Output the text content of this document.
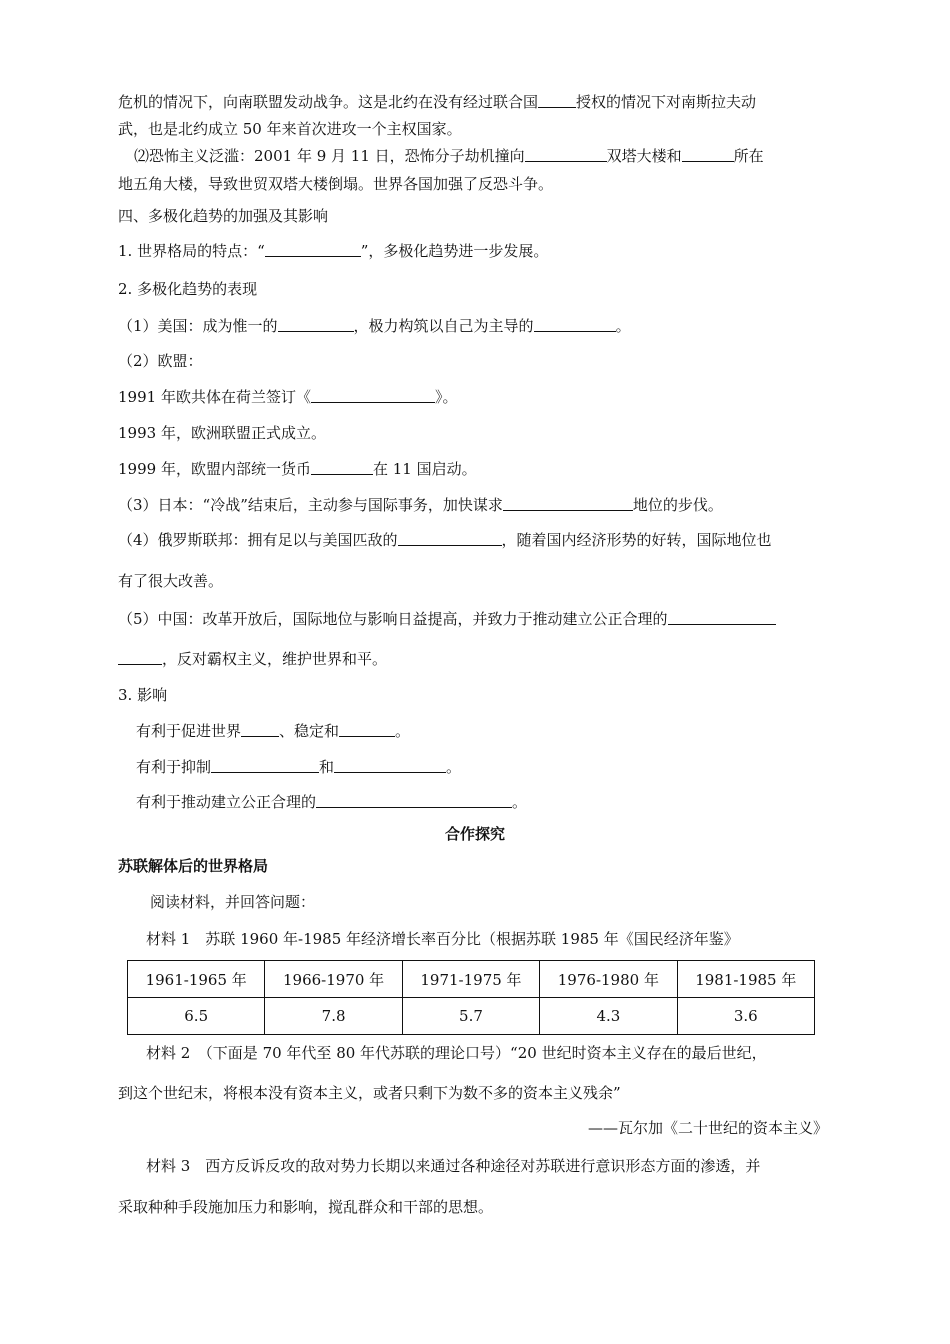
危机的情况下，向南联盟发动战争。这是北约在没有经过联合国	授权的情况下对南斯拉夫动
武，也是北约成立 50 年来首次进攻一个主权国家。
⑵恐怖主义泛滥：2001 年 9 月 11 日，恐怖分子劫机撞向	双塔大楼和	所在
地五角大楼，导致世贸双塔大楼倒塌。世界各国加强了反恐斗争。
四、多极化趋势的加强及其影响
1. 世界格局的特点：“	”，多极化趋势进一步发展。
2. 多极化趋势的表现
（1）美国：成为惟一的	，极力构筑以自己为主导的	。
（2）欧盟：
1991 年欧共体在荷兰签订《	》。
1993 年，欧洲联盟正式成立。
1999 年，欧盟内部统一货币	在 11 国启动。
（3）日本：“冷战”结束后，主动参与国际事务，加快谋求	地位的步伐。
（4）俄罗斯联邦：拥有足以与美国匹敌的	，随着国内经济形势的好转，国际地位也
有了很大改善。
（5）中国：改革开放后，国际地位与影响日益提高，并致力于推动建立公正合理的
，反对霸权主义，维护世界和平。
3. 影响
有利于促进世界	、稳定和	。
有利于抑制	和	。
有利于推动建立公正合理的	。
合作探究
苏联解体后的世界格局
阅读材料，并回答问题：
材料 1　苏联 1960 年-1985 年经济增长率百分比（根据苏联 1985 年《国民经济年鉴》
1961-1965 年	1966-1970 年	1971-1975 年	1976-1980 年	1981-1985 年
6.5	7.8	5.7	4.3	3.6
材料 2　（下面是 70 年代至 80 年代苏联的理论口号）“20 世纪时资本主义存在的最后世纪，
到这个世纪末，将根本没有资本主义，或者只剩下为数不多的资本主义残余”
——瓦尔加《二十世纪的资本主义》
材料 3　西方反诉反攻的敌对势力长期以来通过各种途径对苏联进行意识形态方面的渗透，并
采取种种手段施加压力和影响，搅乱群众和干部的思想。
